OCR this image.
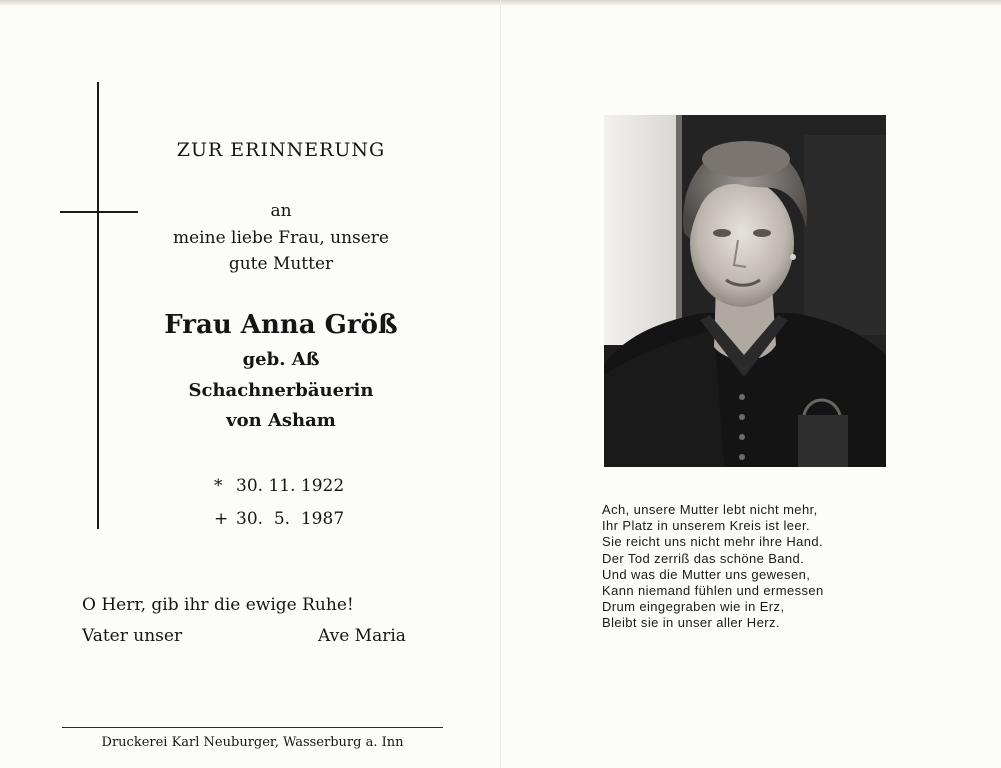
ZUR ERINNERUNG
an
meine liebe Frau, unsere
gute Mutter
Frau Anna Größ
geb. Aß
Schachnerbäuerin
von Asham
* 30. 11. 1922
+ 30.  5.  1987
O Herr, gib ihr die ewige Ruhe!
Vater unser	Ave Maria
Druckerei Karl Neuburger, Wasserburg a. Inn
Ach, unsere Mutter lebt nicht mehr,
Ihr Platz in unserem Kreis ist leer.
Sie reicht uns nicht mehr ihre Hand.
Der Tod zerriß das schöne Band.
Und was die Mutter uns gewesen,
Kann niemand fühlen und ermessen
Drum eingegraben wie in Erz,
Bleibt sie in unser aller Herz.
